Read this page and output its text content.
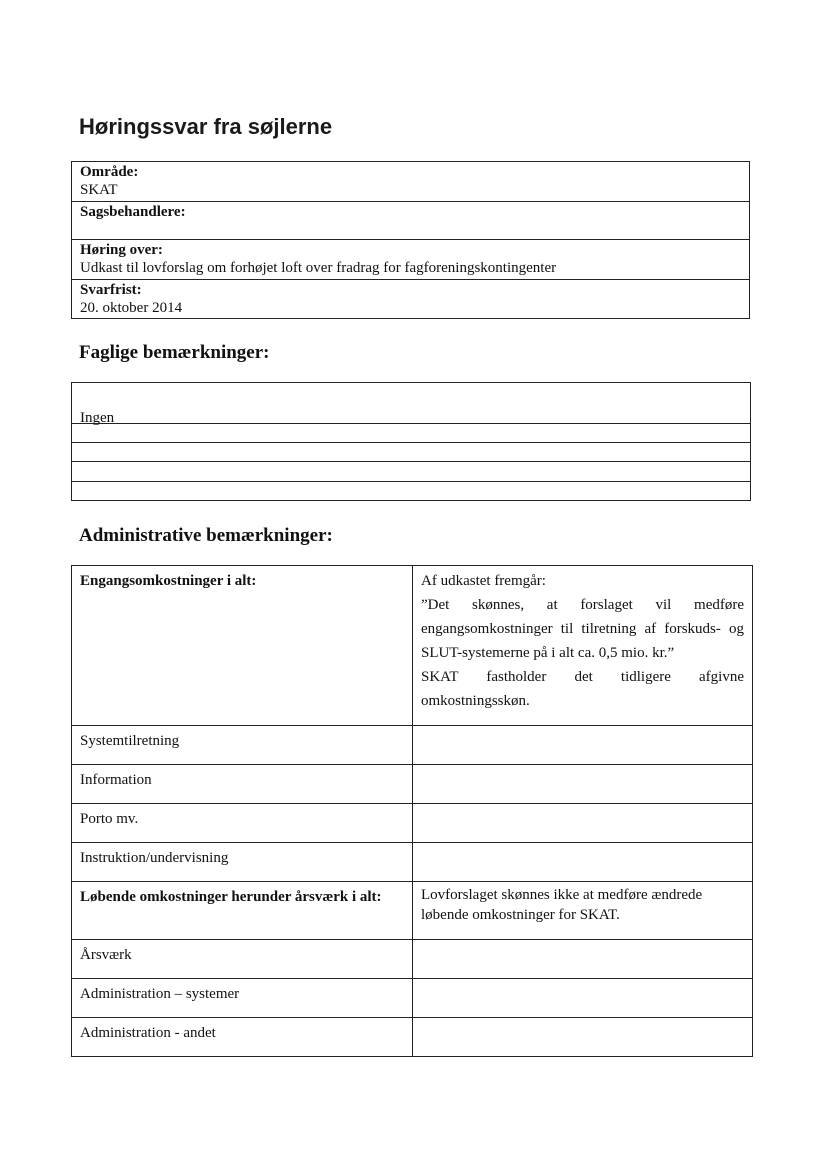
Høringssvar fra søjlerne
Område:
SKAT
Sagsbehandlere:
Høring over:
Udkast til lovforslag om forhøjet loft over fradrag for fagforeningskontingenter
Svarfrist:
20. oktober 2014
Faglige bemærkninger:
Ingen
Administrative bemærkninger:
Engangsomkostninger i alt:	Af udkastet fremgår:
”Det skønnes, at forslaget vil medføre engangsomkostninger til tilretning af forskuds- og SLUT-systemerne på i alt ca. 0,5 mio. kr.”
SKAT fastholder det tidligere afgivne omkostningsskøn.
Systemtilretning	
Information	
Porto mv.	
Instruktion/undervisning	
Løbende omkostninger herunder årsværk i alt:	Lovforslaget skønnes ikke at medføre ændrede løbende omkostninger for SKAT.
Årsværk	
Administration – systemer	
Administration - andet	
